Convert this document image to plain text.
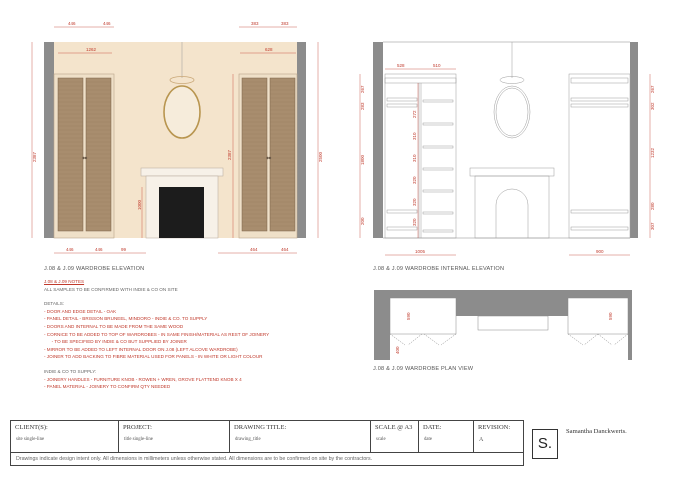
446	446	383	383
1262	628
446	446	99	464	464
2387	2500
2387
1000
528	510
267
283
1800
200
272
310
310
320
320
320
267
302
1232
280
307
1005	900
590	590
400
J.08 & J.09 WARDROBE ELEVATION	J.08 & J.09 WARDROBE INTERNAL ELEVATION
J.08 & J.09 WARDROBE PLAN VIEW
J.08 & J.09 NOTES
ALL SAMPLES TO BE CONFIRMED WITH INDIE & CO ON SITE
DETAILS:
- DOOR AND EDGE DETAIL - OAK
- PANEL DETAIL - BRISSON BRUNEEL, MINDORO - INDIE & CO. TO SUPPLY
- DOORS AND INTERNAL TO BE MADE FROM THE SAME WOOD
- CORNICE TO BE ADDED TO TOP OF WARDROBES - IN SAME FINISH/MATERIAL AS REST OF JOINERY
- TO BE SPECIFIED BY INDIE & CO BUT SUPPLIED BY JOINER
- MIRROR TO BE ADDED TO LEFT INTERNAL DOOR ON J.08 (LEFT ALCOVE WARDROBE)
- JOINER TO ADD BACKING TO FIBRE MATERIAL USED FOR PANELS - IN WHITE OR LIGHT COLOUR
INDIE & CO TO SUPPLY:
- JOINERY HANDLES - FURNITURE KNOB - ROWEN + WREN, GROVE FLATTEND KNOB X 4
- PANEL MATERIAL - JOINERY TO CONFIRM QTY NEEDED
CLIENT(S):
site single-line
PROJECT:
title single-line
DRAWING TITLE:
drawing_title
SCALE @ A3
scale
DATE:
date
REVISION:
A
Drawings indicate design intent only. All dimensions in millimeters unless otherwise stated. All dimensions are to be confirmed on site by the contractors.
S.
Samantha Danckwerts.
